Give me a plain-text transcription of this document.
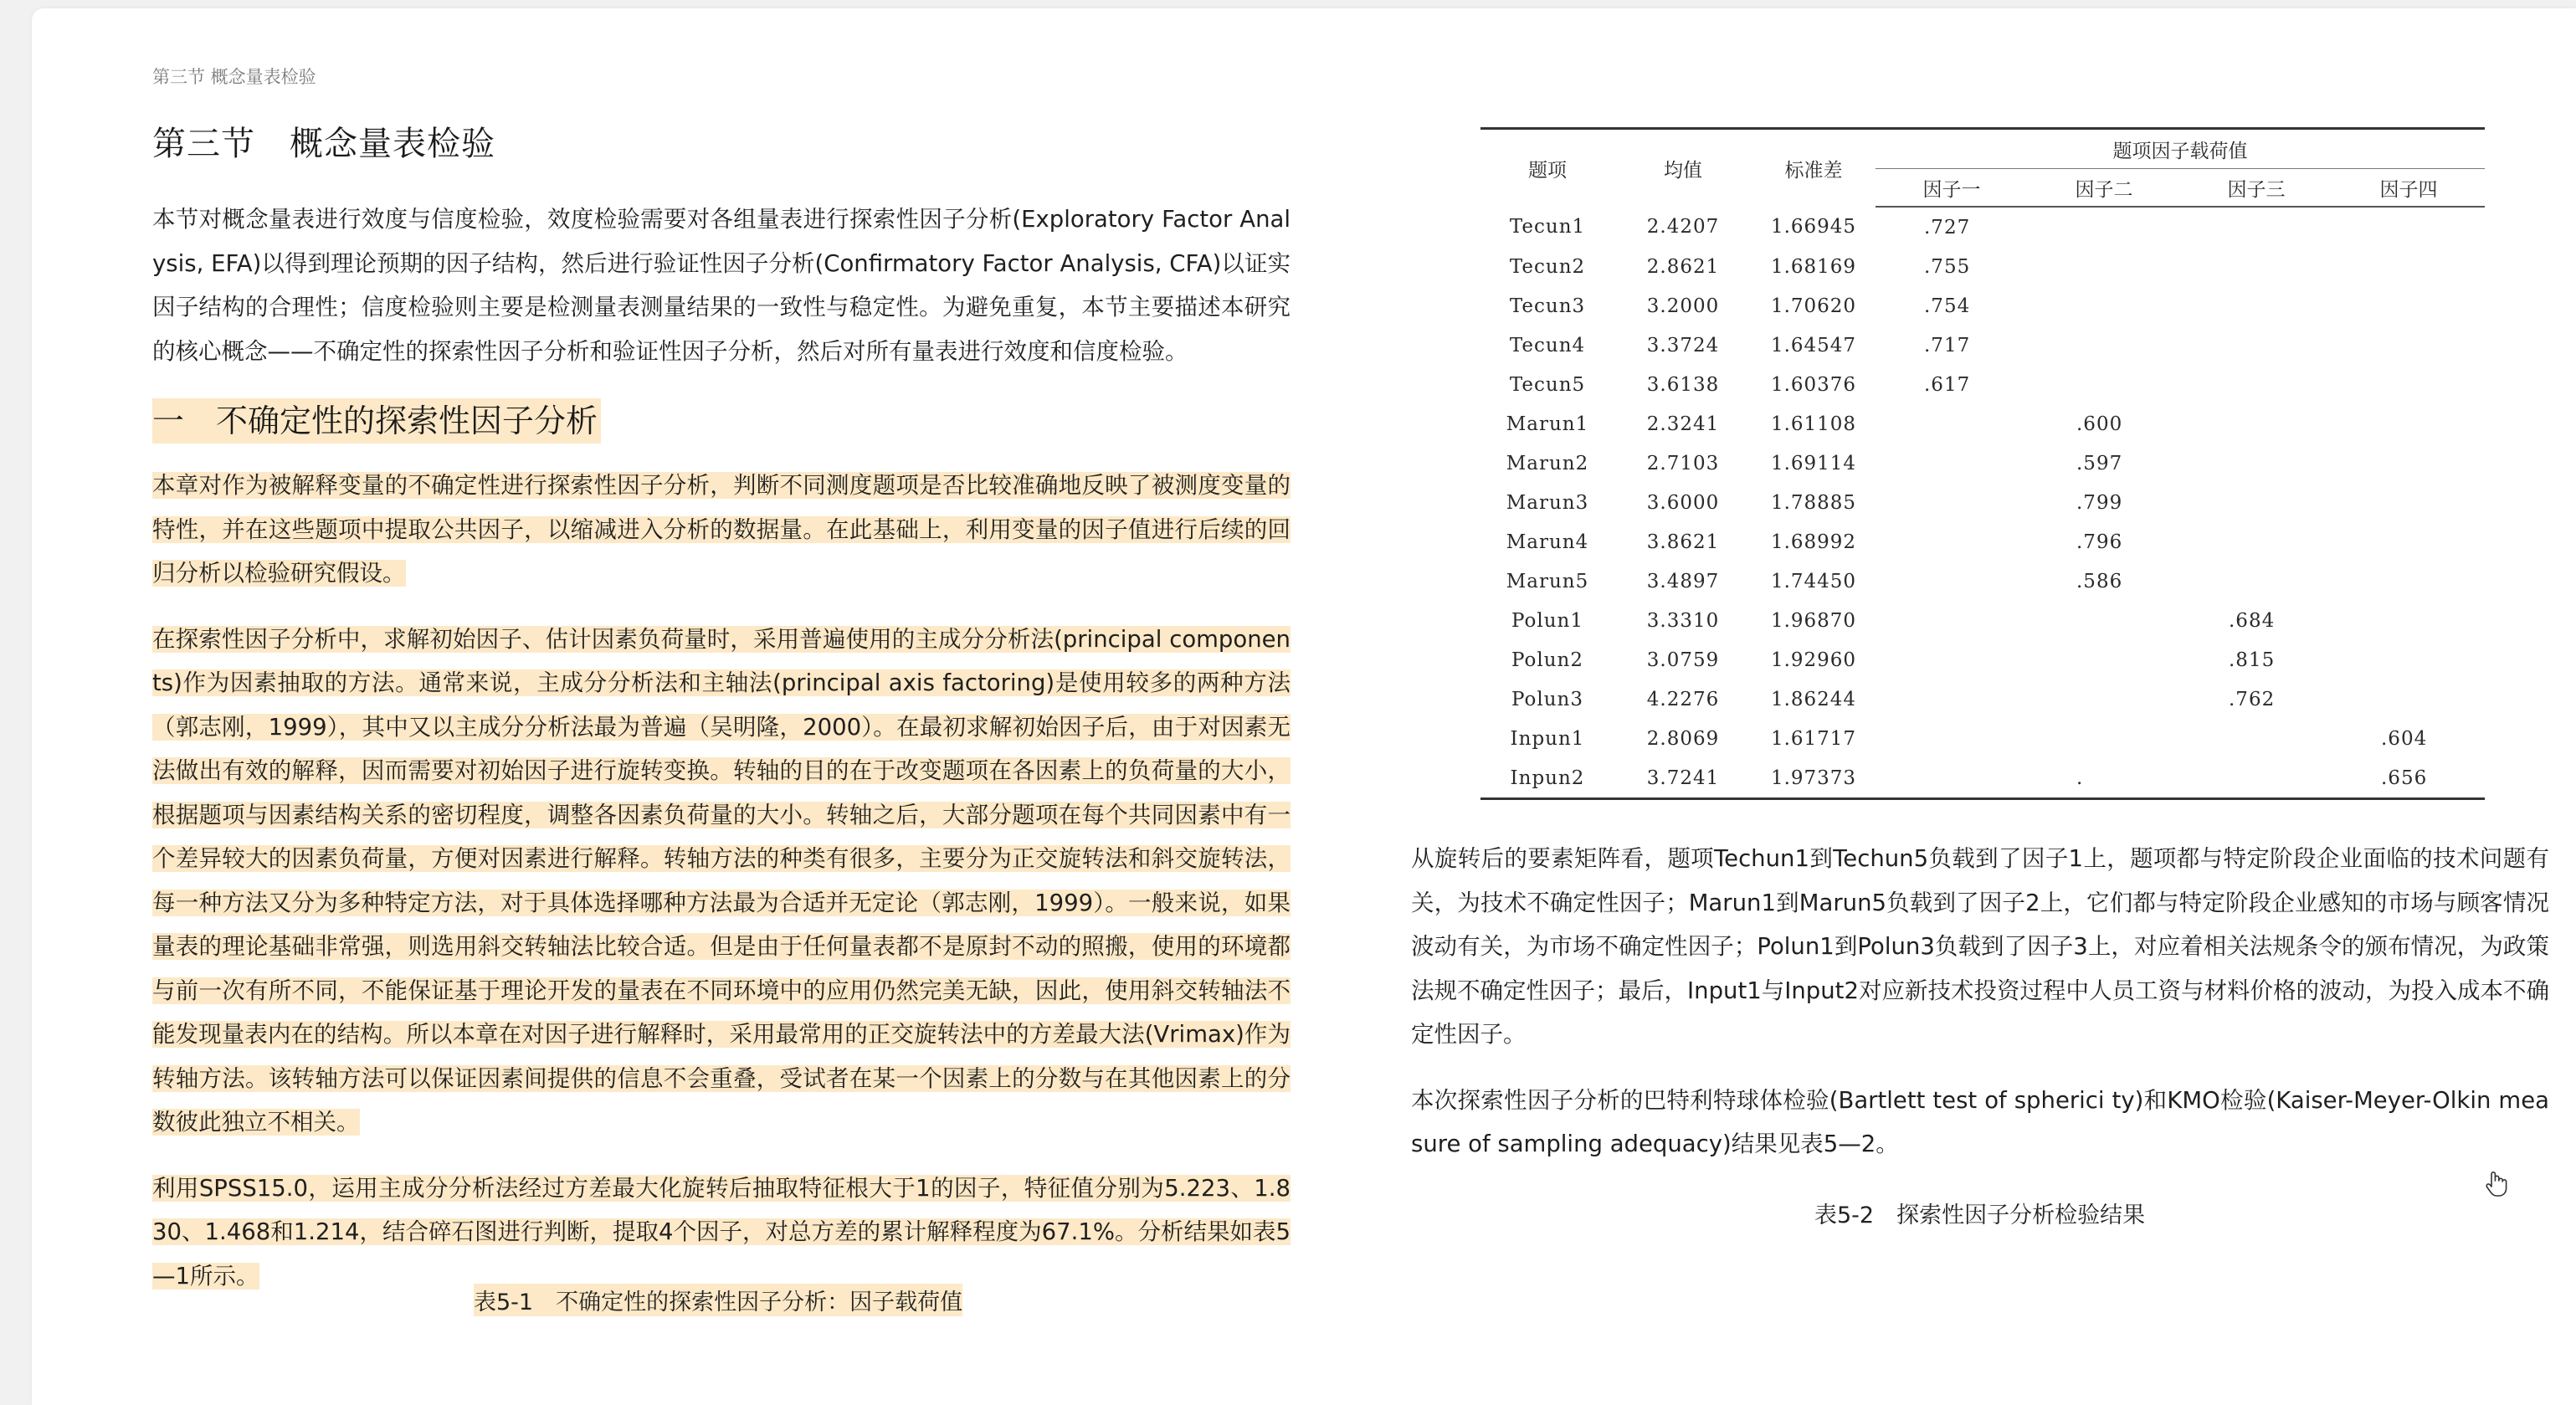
第三节 概念量表检验
第三节　概念量表检验

本节对概念量表进行效度与信度检验，效度检验需要对各组量表进行探索性因子分析(Exploratory Factor Analysis, EFA)以得到理论预期的因子结构，然后进行验证性因子分析(Confirmatory Factor Analysis, CFA)以证实因子结构的合理性；信度检验则主要是检测量表测量结果的一致性与稳定性。为避免重复，本节主要描述本研究的核心概念——不确定性的探索性因子分析和验证性因子分析，然后对所有量表进行效度和信度检验。

一　不确定性的探索性因子分析

本章对作为被解释变量的不确定性进行探索性因子分析，判断不同测度题项是否比较准确地反映了被测度变量的特性，并在这些题项中提取公共因子，以缩减进入分析的数据量。在此基础上，利用变量的因子值进行后续的回归分析以检验研究假设。

在探索性因子分析中，求解初始因子、估计因素负荷量时，采用普遍使用的主成分分析法(principal components)作为因素抽取的方法。通常来说，主成分分析法和主轴法(principal axis factoring)是使用较多的两种方法（郭志刚，1999），其中又以主成分分析法最为普遍（吴明隆，2000）。在最初求解初始因子后，由于对因素无法做出有效的解释，因而需要对初始因子进行旋转变换。转轴的目的在于改变题项在各因素上的负荷量的大小，根据题项与因素结构关系的密切程度，调整各因素负荷量的大小。转轴之后，大部分题项在每个共同因素中有一个差异较大的因素负荷量，方便对因素进行解释。转轴方法的种类有很多，主要分为正交旋转法和斜交旋转法，每一种方法又分为多种特定方法，对于具体选择哪种方法最为合适并无定论（郭志刚，1999）。一般来说，如果量表的理论基础非常强，则选用斜交转轴法比较合适。但是由于任何量表都不是原封不动的照搬，使用的环境都与前一次有所不同，不能保证基于理论开发的量表在不同环境中的应用仍然完美无缺，因此，使用斜交转轴法不能发现量表内在的结构。所以本章在对因子进行解释时，采用最常用的正交旋转法中的方差最大法(Vrimax)作为转轴方法。该转轴方法可以保证因素间提供的信息不会重叠，受试者在某一个因素上的分数与在其他因素上的分数彼此独立不相关。

利用SPSS15.0，运用主成分分析法经过方差最大化旋转后抽取特征根大于1的因子，特征值分别为5.223、1.830、1.468和1.214，结合碎石图进行判断，提取4个因子，对总方差的累计解释程度为67.1%。分析结果如表5—1所示。

表5-1　不确定性的探索性因子分析：因子载荷值
题项	均值	标准差	题项因子载荷值			
			因子一	因子二	因子三	因子四
Tecun1	2.4207	1.66945	.727			
Tecun2	2.8621	1.68169	.755			
Tecun3	3.2000	1.70620	.754			
Tecun4	3.3724	1.64547	.717			
Tecun5	3.6138	1.60376	.617			
Marun1	2.3241	1.61108		.600		
Marun2	2.7103	1.69114		.597		
Marun3	3.6000	1.78885		.799		
Marun4	3.8621	1.68992		.796		
Marun5	3.4897	1.74450		.586		
Polun1	3.3310	1.96870			.684	
Polun2	3.0759	1.92960			.815	
Polun3	4.2276	1.86244			.762	
Inpun1	2.8069	1.61717				.604
Inpun2	3.7241	1.97373		.		.656

从旋转后的要素矩阵看，题项Techun1到Techun5负载到了因子1上，题项都与特定阶段企业面临的技术问题有关，为技术不确定性因子；Marun1到Marun5负载到了因子2上，它们都与特定阶段企业感知的市场与顾客情况波动有关，为市场不确定性因子；Polun1到Polun3负载到了因子3上，对应着相关法规条令的颁布情况，为政策法规不确定性因子；最后，Input1与Input2对应新技术投资过程中人员工资与材料价格的波动，为投入成本不确定性因子。

本次探索性因子分析的巴特利特球体检验(Bartlett test of spherici ty)和KMO检验(Kaiser-Meyer-Olkin measure of sampling adequacy)结果见表5—2。

表5-2　探索性因子分析检验结果
